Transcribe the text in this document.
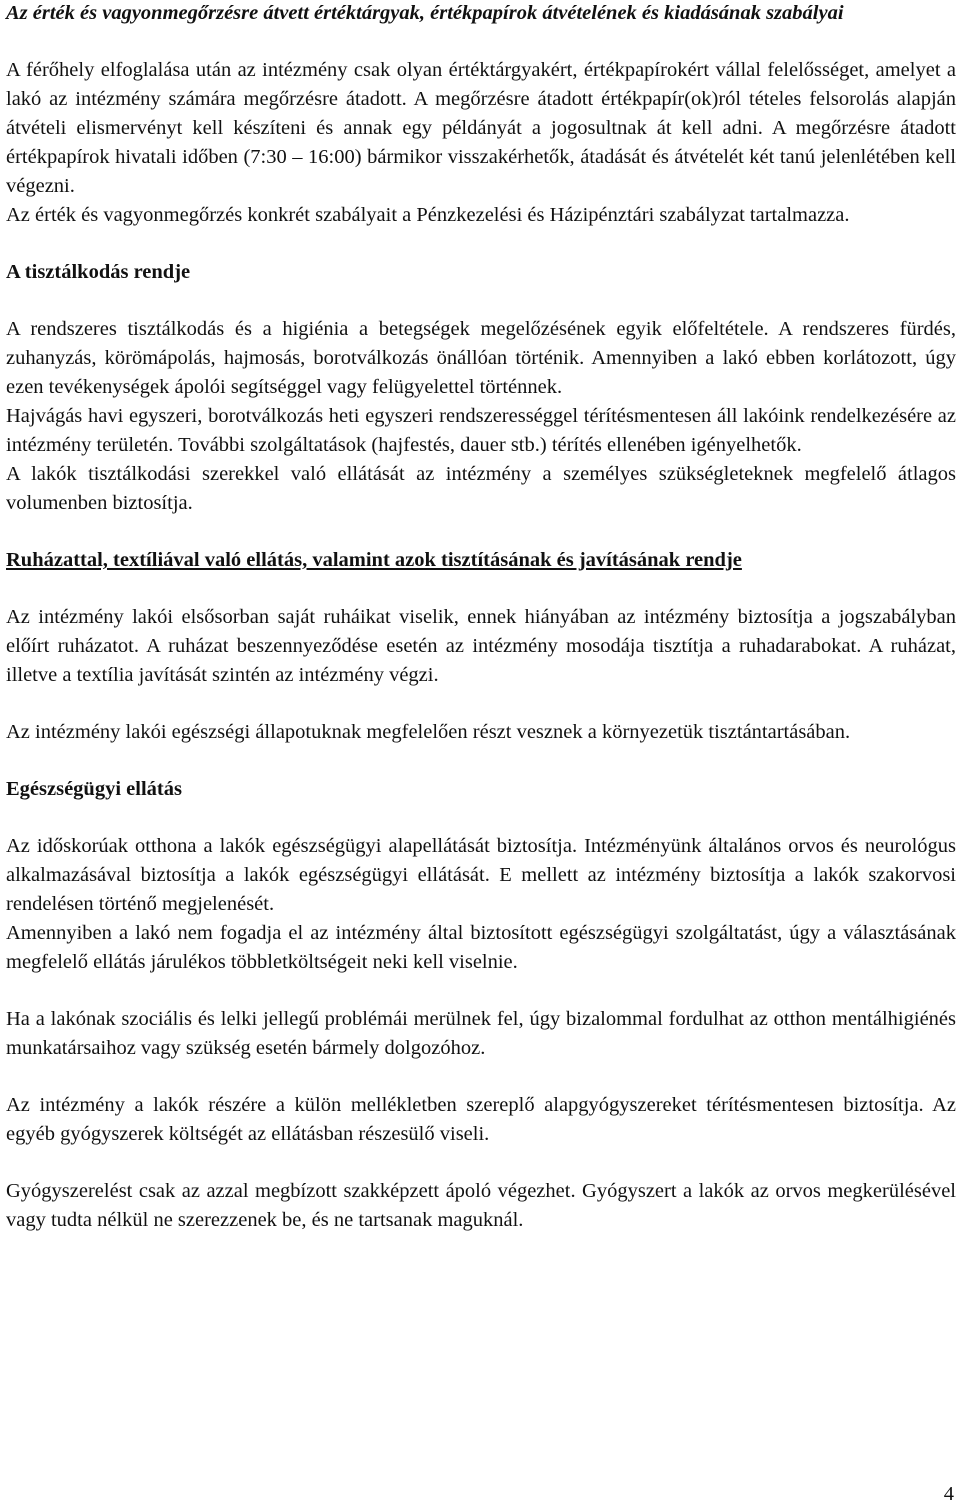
Az érték és vagyonmegőrzésre átvett értéktárgyak, értékpapírok átvételének és kiadásának szabályai

A férőhely elfoglalása után az intézmény csak olyan értéktárgyakért, értékpapírokért vállal felelősséget, amelyet a lakó az intézmény számára megőrzésre átadott. A megőrzésre átadott értékpapír(ok)ról tételes felsorolás alapján átvételi elismervényt kell készíteni és annak egy példányát a jogosultnak át kell adni. A megőrzésre átadott értékpapírok hivatali időben (7:30 – 16:00) bármikor visszakérhetők, átadását és átvételét két tanú jelenlétében kell végezni.

Az érték és vagyonmegőrzés konkrét szabályait a Pénzkezelési és Házipénztári szabályzat tartalmazza.

A tisztálkodás rendje

A rendszeres tisztálkodás és a higiénia a betegségek megelőzésének egyik előfeltétele. A rendszeres fürdés, zuhanyzás, körömápolás, hajmosás, borotválkozás önállóan történik. Amennyiben a lakó ebben korlátozott, úgy ezen tevékenységek ápolói segítséggel vagy felügyelettel történnek.

Hajvágás havi egyszeri, borotválkozás heti egyszeri rendszerességgel térítésmentesen áll lakóink rendelkezésére az intézmény területén. További szolgáltatások (hajfestés, dauer stb.) térítés ellenében igényelhetők.

A lakók tisztálkodási szerekkel való ellátását az intézmény a személyes szükségleteknek megfelelő átlagos volumenben biztosítja.

Ruházattal, textíliával való ellátás, valamint azok tisztításának és javításának rendje

Az intézmény lakói elsősorban saját ruháikat viselik, ennek hiányában az intézmény biztosítja a jogszabályban előírt ruházatot. A ruházat beszennyeződése esetén az intézmény mosodája tisztítja a ruhadarabokat. A ruházat, illetve a textília javítását szintén az intézmény végzi.

Az intézmény lakói egészségi állapotuknak megfelelően részt vesznek a környezetük tisztántartásában.

Egészségügyi ellátás

Az időskorúak otthona a lakók egészségügyi alapellátását biztosítja. Intézményünk általános orvos és neurológus alkalmazásával biztosítja a lakók egészségügyi ellátását. E mellett az intézmény biztosítja a lakók szakorvosi rendelésen történő megjelenését.

Amennyiben a lakó nem fogadja el az intézmény által biztosított egészségügyi szolgáltatást, úgy a választásának megfelelő ellátás járulékos többletköltségeit neki kell viselnie.

Ha a lakónak szociális és lelki jellegű problémái merülnek fel, úgy bizalommal fordulhat az otthon mentálhigiénés munkatársaihoz vagy szükség esetén bármely dolgozóhoz.

Az intézmény a lakók részére a külön mellékletben szereplő alapgyógyszereket térítésmentesen biztosítja. Az egyéb gyógyszerek költségét az ellátásban részesülő viseli.

Gyógyszerelést csak az azzal megbízott szakképzett ápoló végezhet. Gyógyszert a lakók az orvos megkerülésével vagy tudta nélkül ne szerezzenek be, és ne tartsanak maguknál.

4
